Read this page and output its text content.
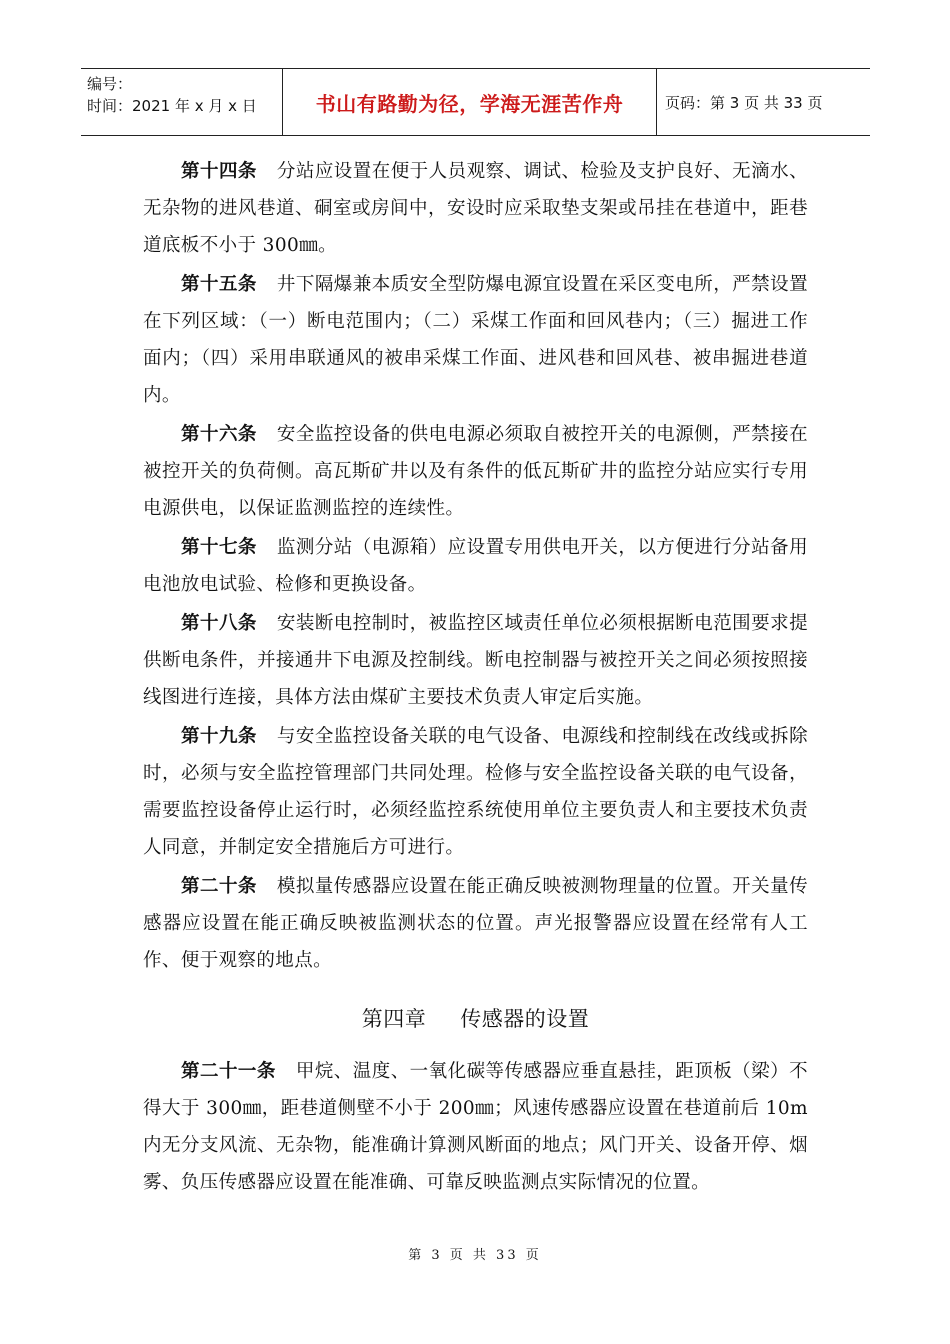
编号：
时间：2021 年 x 月 x 日	书山有路勤为径，学海无涯苦作舟	页码：第 3 页 共 33 页

第十四条 分站应设置在便于人员观察、调试、检验及支护良好、无滴水、无杂物的进风巷道、硐室或房间中，安设时应采取垫支架或吊挂在巷道中，距巷道底板不小于 300㎜。

第十五条 井下隔爆兼本质安全型防爆电源宜设置在采区变电所，严禁设置在下列区域：（一）断电范围内；（二）采煤工作面和回风巷内；（三）掘进工作面内；（四）采用串联通风的被串采煤工作面、进风巷和回风巷、被串掘进巷道内。

第十六条 安全监控设备的供电电源必须取自被控开关的电源侧，严禁接在被控开关的负荷侧。高瓦斯矿井以及有条件的低瓦斯矿井的监控分站应实行专用电源供电，以保证监测监控的连续性。

第十七条 监测分站（电源箱）应设置专用供电开关，以方便进行分站备用电池放电试验、检修和更换设备。

第十八条 安装断电控制时，被监控区域责任单位必须根据断电范围要求提供断电条件，并接通井下电源及控制线。断电控制器与被控开关之间必须按照接线图进行连接，具体方法由煤矿主要技术负责人审定后实施。

第十九条 与安全监控设备关联的电气设备、电源线和控制线在改线或拆除时，必须与安全监控管理部门共同处理。检修与安全监控设备关联的电气设备，需要监控设备停止运行时，必须经监控系统使用单位主要负责人和主要技术负责人同意，并制定安全措施后方可进行。

第二十条 模拟量传感器应设置在能正确反映被测物理量的位置。开关量传感器应设置在能正确反映被监测状态的位置。声光报警器应设置在经常有人工作、便于观察的地点。

第四章 传感器的设置

第二十一条 甲烷、温度、一氧化碳等传感器应垂直悬挂，距顶板（梁）不得大于 300㎜，距巷道侧壁不小于 200㎜；风速传感器应设置在巷道前后 10m 内无分支风流、无杂物，能准确计算测风断面的地点；风门开关、设备开停、烟雾、负压传感器应设置在能准确、可靠反映监测点实际情况的位置。

第 3 页 共 33 页
